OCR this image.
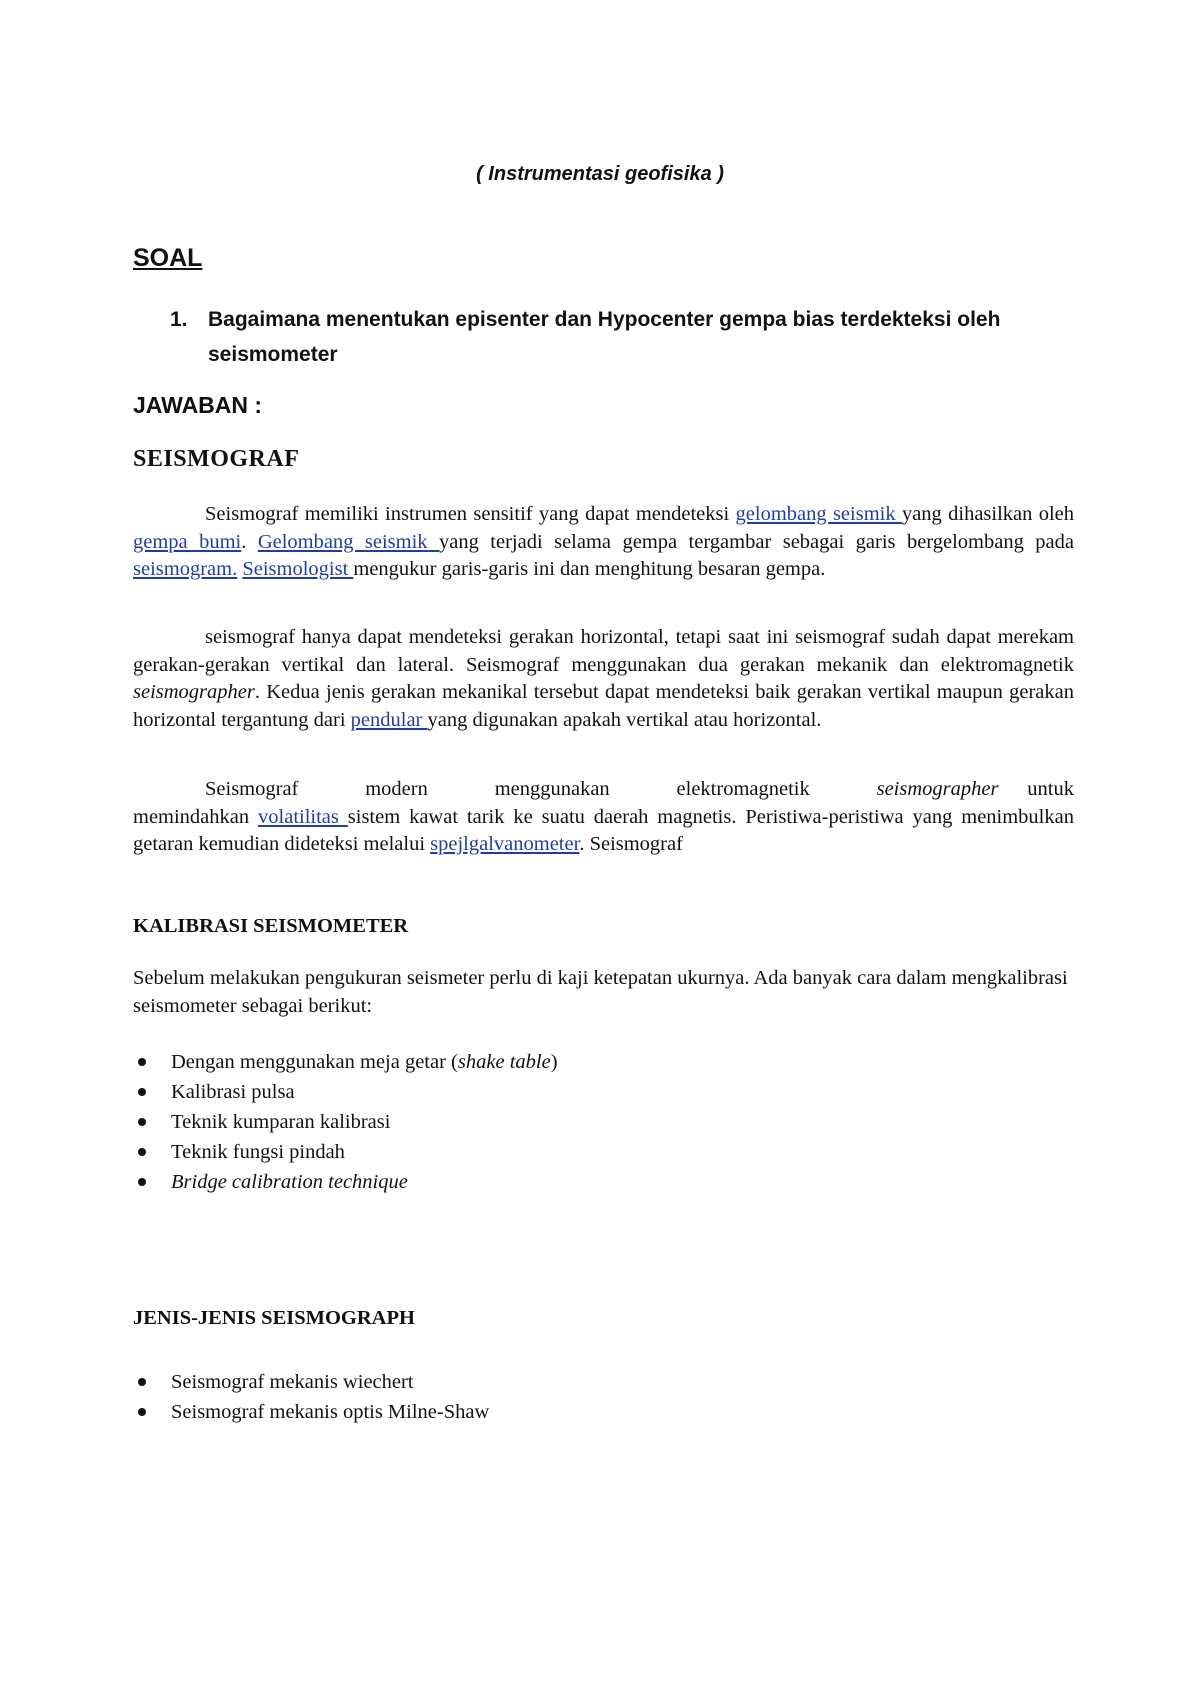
( Instrumentasi geofisika )
SOAL
1. Bagaimana menentukan episenter dan Hypocenter gempa bias terdekteksi oleh seismometer
JAWABAN :
SEISMOGRAF
Seismograf memiliki instrumen sensitif yang dapat mendeteksi gelombang seismik yang dihasilkan oleh gempa bumi. Gelombang seismik yang terjadi selama gempa tergambar sebagai garis bergelombang pada seismogram. Seismologist mengukur garis-garis ini dan menghitung besaran gempa.
seismograf hanya dapat mendeteksi gerakan horizontal, tetapi saat ini seismograf sudah dapat merekam gerakan-gerakan vertikal dan lateral. Seismograf menggunakan dua gerakan mekanik dan elektromagnetik seismographer. Kedua jenis gerakan mekanikal tersebut dapat mendeteksi baik gerakan vertikal maupun gerakan horizontal tergantung dari pendular yang digunakan apakah vertikal atau horizontal.
Seismograf modern menggunakan elektromagnetik seismographer untuk memindahkan volatilitas sistem kawat tarik ke suatu daerah magnetis. Peristiwa-peristiwa yang menimbulkan getaran kemudian dideteksi melalui spejlgalvanometer. Seismograf
KALIBRASI SEISMOMETER
Sebelum melakukan pengukuran seismeter perlu di kaji ketepatan ukurnya. Ada banyak cara dalam mengkalibrasi seismometer sebagai berikut:
Dengan menggunakan meja getar (shake table)
Kalibrasi pulsa
Teknik kumparan kalibrasi
Teknik fungsi pindah
Bridge calibration technique
JENIS-JENIS SEISMOGRAPH
Seismograf mekanis wiechert
Seismograf mekanis optis Milne-Shaw
